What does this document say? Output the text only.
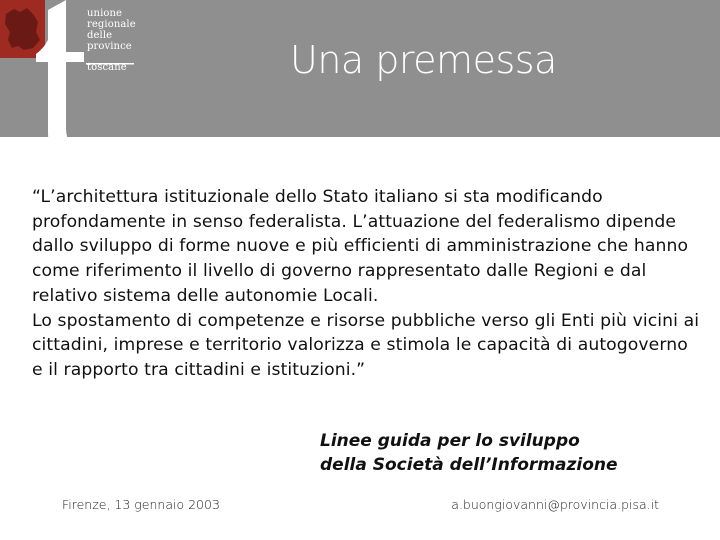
unione
regionale
delle
province
toscane	Una premessa

“L’architettura istituzionale dello Stato italiano si sta modificando profondamente in senso federalista. L’attuazione del federalismo dipende dallo sviluppo di forme nuove e più efficienti di amministrazione che hanno come riferimento il livello di governo rappresentato dalle Regioni e dal relativo sistema delle autonomie Locali.

Lo spostamento di competenze e risorse pubbliche verso gli Enti più vicini ai cittadini, imprese e territorio valorizza e stimola le capacità di autogoverno e il rapporto tra cittadini e istituzioni.”

Linee guida per lo sviluppo
della Società dell’Informazione
Firenze, 13 gennaio 2003	a.buongiovanni@provincia.pisa.it
